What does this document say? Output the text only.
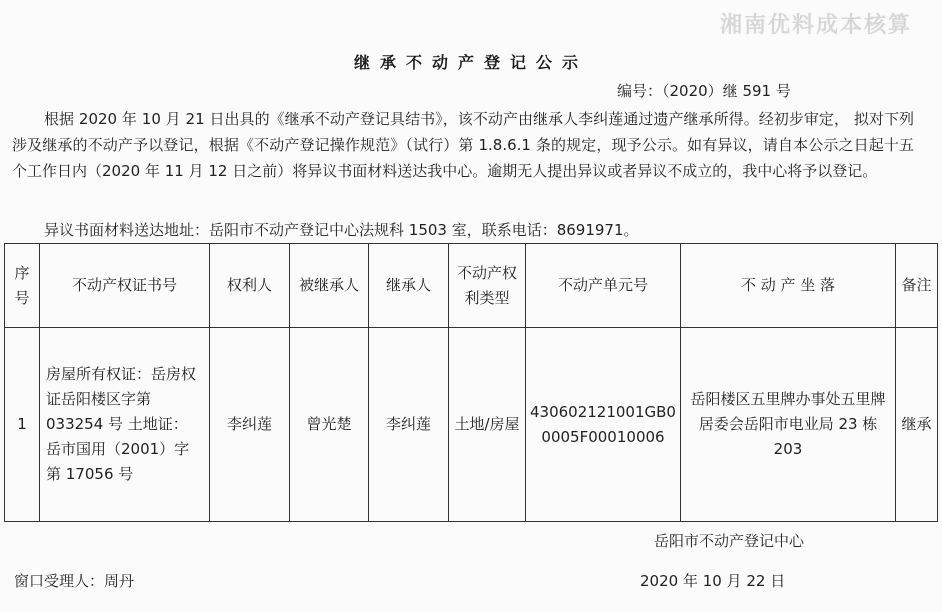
湘南优料成本核算
继承不动产登记公示
编号：（2020）继 591 号
根据 2020 年 10 月 21 日出具的《继承不动产登记具结书》，该不动产由继承人李纠莲通过遗产继承所得。经初步审定， 拟对下列涉及继承的不动产予以登记，根据《不动产登记操作规范》（试行）第 1.8.6.1 条的规定，现予公示。如有异议，请自本公示之日起十五个工作日内（2020 年 11 月 12 日之前）将异议书面材料送达我中心。逾期无人提出异议或者异议不成立的，我中心将予以登记。
异议书面材料送达地址：岳阳市不动产登记中心法规科 1503 室，联系电话：8691971。
序号	不动产权证书号	权利人	被继承人	继承人	不动产权利类型	不动产单元号	不 动 产 坐 落	备注
1	房屋所有权证：岳房权证岳阳楼区字第 033254 号 土地证： 岳市国用（2001）字第 17056 号	李纠莲	曾光楚	李纠莲	土地/房屋	430602121001GB00005F00010006	岳阳楼区五里牌办事处五里牌居委会岳阳市电业局 23 栋 203	继承
岳阳市不动产登记中心
窗口受理人：周丹	2020 年 10 月 22 日
